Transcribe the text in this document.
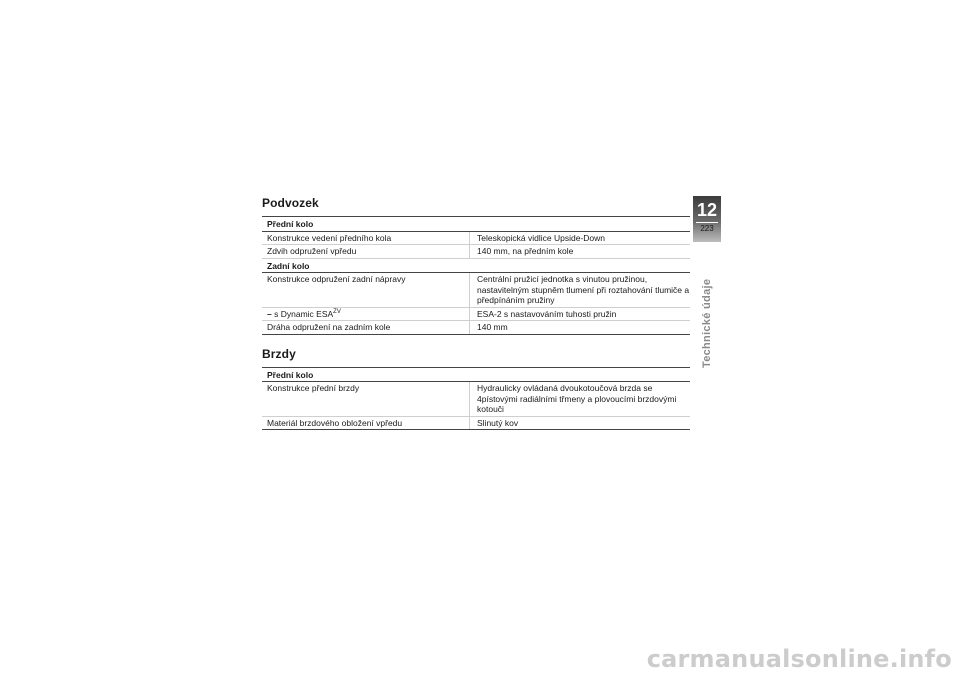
Podvozek
Přední kolo
Konstrukce vedení předního kola	Teleskopická vidlice Upside-Down
Zdvih odpružení vpředu	140 mm, na předním kole
Zadní kolo
Konstrukce odpružení zadní nápravy	Centrální pružicí jednotka s vinutou pružinou, nastavitelným stupněm tlumení při roztahování tlumiče a předpínáním pružiny
– s Dynamic $ESA^{ZV}$	ESA-2 s nastavováním tuhosti pružin
Dráha odpružení na zadním kole	140 mm
Brzdy
Přední kolo
Konstrukce přední brzdy	Hydraulicky ovládaná dvoukotoučová brzda se 4pístovými radiálními třmeny a plovoucími brzdovými kotouči
Materiál brzdového obložení vpředu	Slinutý kov
12
223
Technické údaje
carmanualsonline.info
